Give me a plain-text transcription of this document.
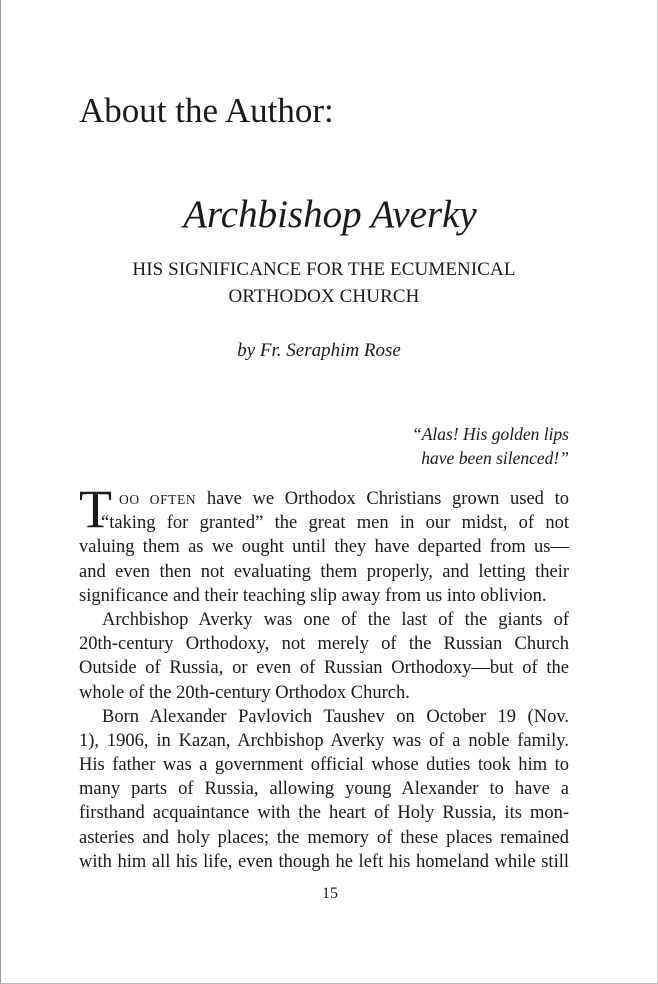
About the Author:
Archbishop Averky
HIS SIGNIFICANCE FOR THE ECUMENICAL
ORTHODOX CHURCH
by Fr. Seraphim Rose
“Alas! His golden lips
have been silenced!”
T OO OFTEN have we Orthodox Christians grown used to
“taking for granted” the great men in our midst, of not
valuing them as we ought until they have departed from us—
and even then not evaluating them properly, and letting their
significance and their teaching slip away from us into oblivion.
Archbishop Averky was one of the last of the giants of
20th-century Orthodoxy, not merely of the Russian Church
Outside of Russia, or even of Russian Orthodoxy—but of the
whole of the 20th-century Orthodox Church.
Born Alexander Pavlovich Taushev on October 19 (Nov.
1), 1906, in Kazan, Archbishop Averky was of a noble family.
His father was a government official whose duties took him to
many parts of Russia, allowing young Alexander to have a
firsthand acquaintance with the heart of Holy Russia, its mon-
asteries and holy places; the memory of these places remained
with him all his life, even though he left his homeland while still
15
